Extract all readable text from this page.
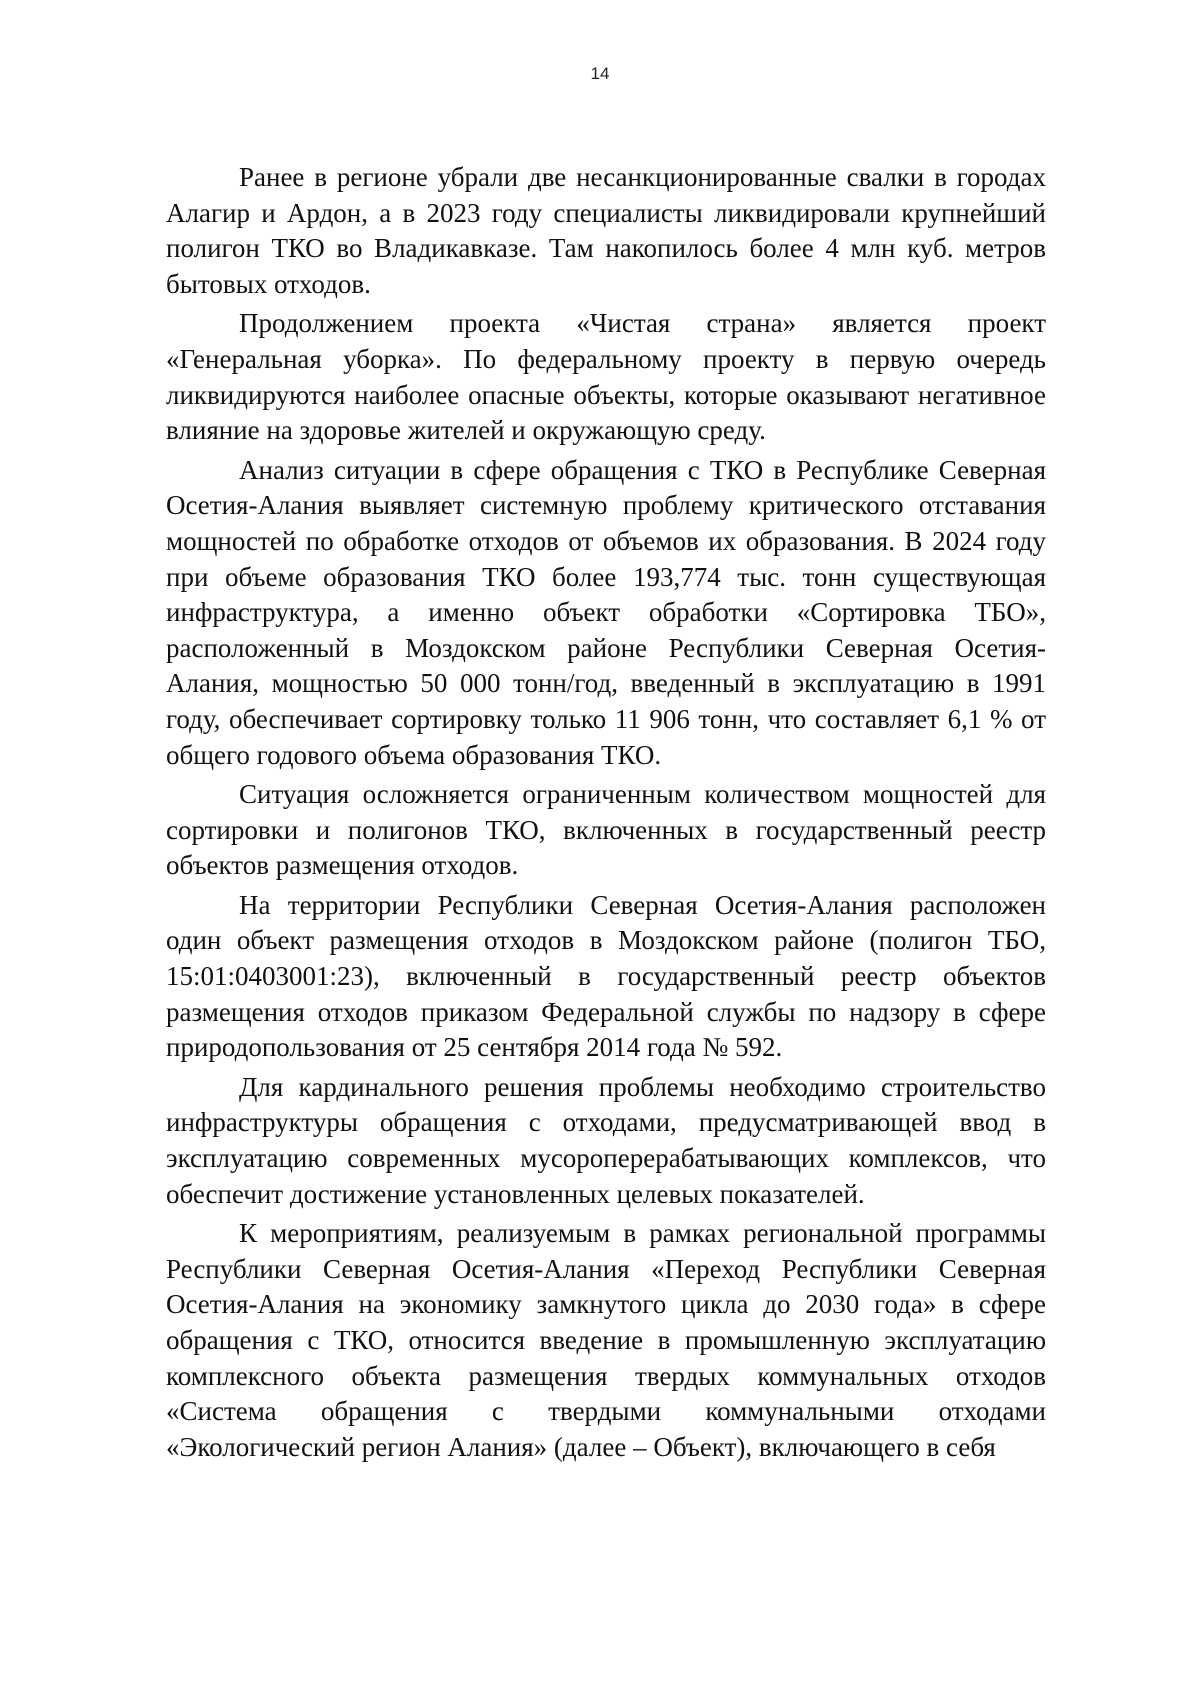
14

Ранее в регионе убрали две несанкционированные свалки в городах Алагир и Ардон, а в 2023 году специалисты ликвидировали крупнейший полигон ТКО во Владикавказе. Там накопилось более 4 млн куб. метров бытовых отходов.

Продолжением проекта «Чистая страна» является проект «Генеральная уборка». По федеральному проекту в первую очередь ликвидируются наиболее опасные объекты, которые оказывают негативное влияние на здоровье жителей и окружающую среду.

Анализ ситуации в сфере обращения с ТКО в Республике Северная Осетия-Алания выявляет системную проблему критического отставания мощностей по обработке отходов от объемов их образования. В 2024 году при объеме образования ТКО более 193,774 тыс. тонн существующая инфраструктура, а именно объект обработки «Сортировка ТБО», расположенный в Моздокском районе Республики Северная Осетия-Алания, мощностью 50 000 тонн/год, введенный в эксплуатацию в 1991 году, обеспечивает сортировку только 11 906 тонн, что составляет 6,1 % от общего годового объема образования ТКО.

Ситуация осложняется ограниченным количеством мощностей для сортировки и полигонов ТКО, включенных в государственный реестр объектов размещения отходов.

На территории Республики Северная Осетия-Алания расположен один объект размещения отходов в Моздокском районе (полигон ТБО, 15:01:0403001:23), включенный в государственный реестр объектов размещения отходов приказом Федеральной службы по надзору в сфере природопользования от 25 сентября 2014 года № 592.

Для кардинального решения проблемы необходимо строительство инфраструктуры обращения с отходами, предусматривающей ввод в эксплуатацию современных мусороперерабатывающих комплексов, что обеспечит достижение установленных целевых показателей.

К мероприятиям, реализуемым в рамках региональной программы Республики Северная Осетия-Алания «Переход Республики Северная Осетия-Алания на экономику замкнутого цикла до 2030 года» в сфере обращения с ТКО, относится введение в промышленную эксплуатацию комплексного объекта размещения твердых коммунальных отходов «Система обращения с твердыми коммунальными отходами «Экологический регион Алания» (далее – Объект), включающего в себя
